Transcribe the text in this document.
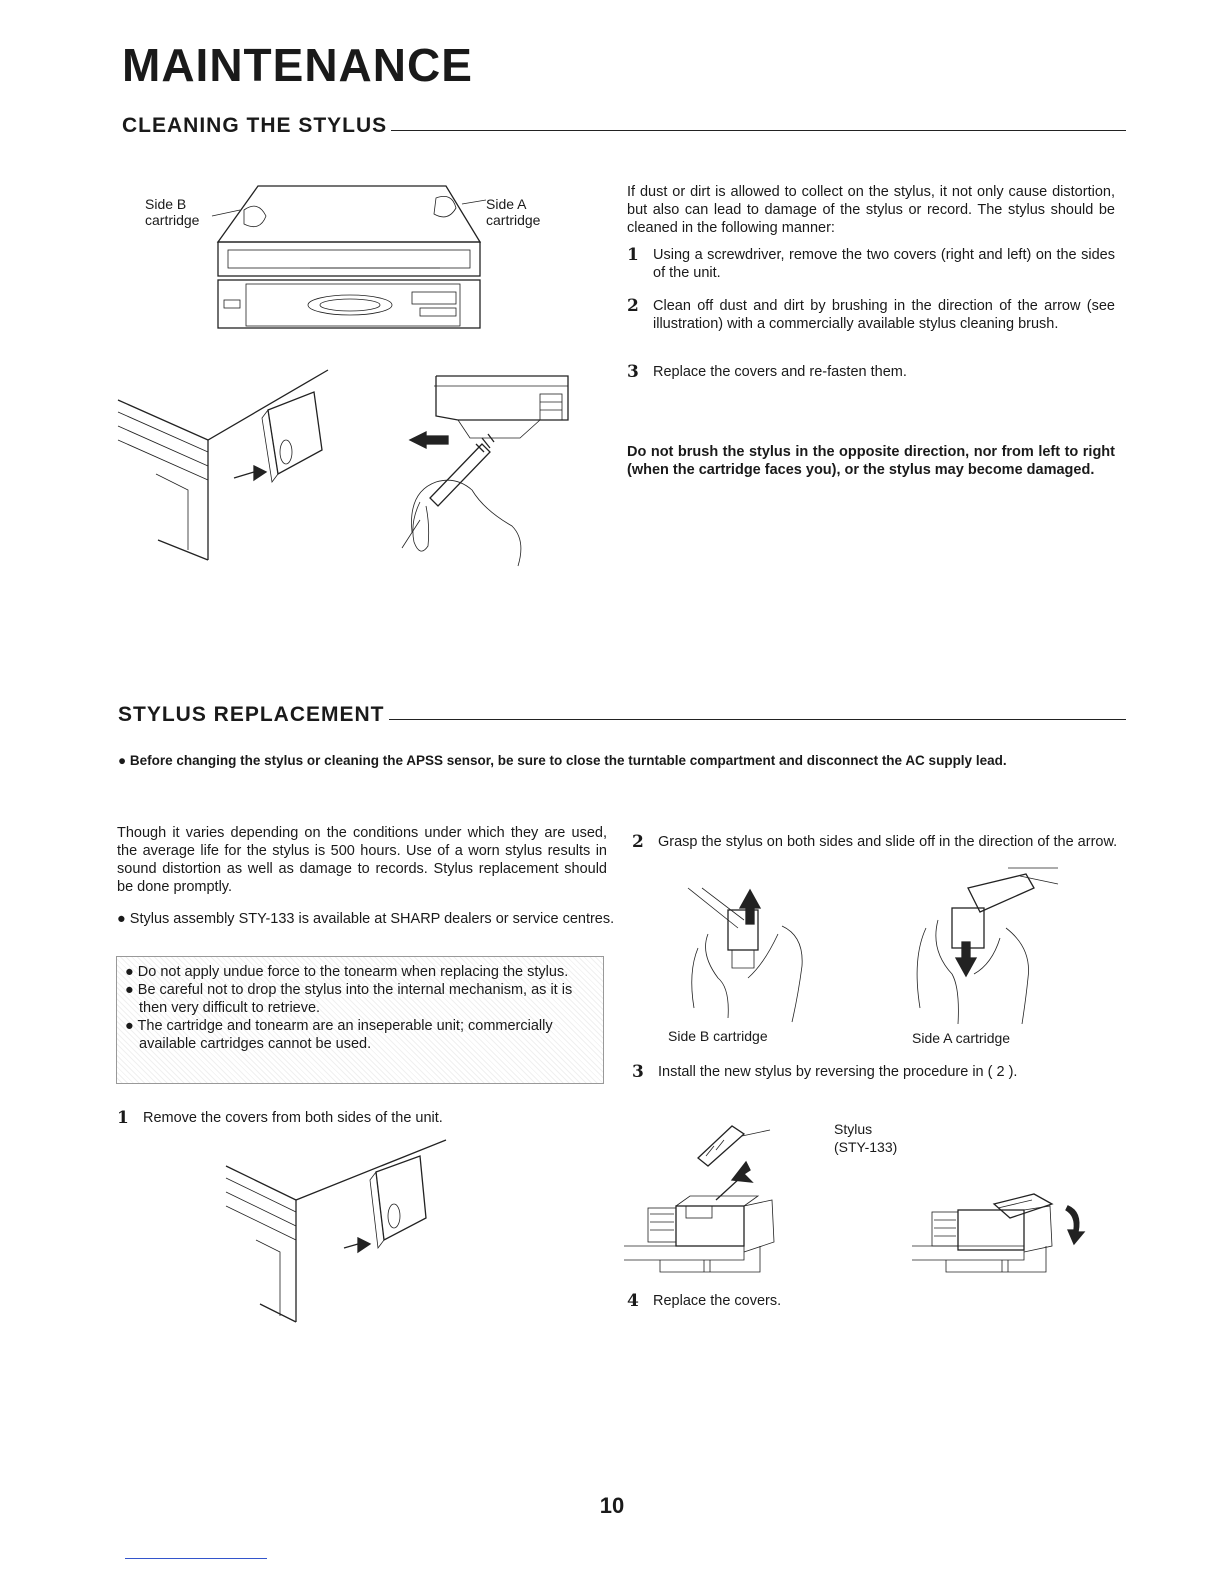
MAINTENANCE
CLEANING THE STYLUS
Side B cartridge
Side A cartridge
If dust or dirt is allowed to collect on the stylus, it not only cause distortion, but also can lead to damage of the stylus or record. The stylus should be cleaned in the following manner:
1 Using a screwdriver, remove the two covers (right and left) on the sides of the unit.
2 Clean off dust and dirt by brushing in the direction of the arrow (see illustration) with a commercially available stylus cleaning brush.
3 Replace the covers and re-fasten them.
Do not brush the stylus in the opposite direction, nor from left to right (when the cartridge faces you), or the stylus may become damaged.
STYLUS REPLACEMENT
● Before changing the stylus or cleaning the APSS sensor, be sure to close the turntable compartment and disconnect the AC supply lead.
Though it varies depending on the conditions under which they are used, the average life for the stylus is 500 hours. Use of a worn stylus results in sound distortion as well as damage to records. Stylus replacement should be done promptly.
● Stylus assembly STY-133 is available at SHARP dealers or service centres.
● Do not apply undue force to the tonearm when replacing the stylus.
● Be careful not to drop the stylus into the internal mechanism, as it is then very difficult to retrieve.
● The cartridge and tonearm are an inseperable unit; commercially available cartridges cannot be used.
1 Remove the covers from both sides of the unit.
2 Grasp the stylus on both sides and slide off in the direction of the arrow.
Side B cartridge	Side A cartridge
3 Install the new stylus by reversing the procedure in ( 2 ).
Stylus
(STY-133)
4 Replace the covers.
10
